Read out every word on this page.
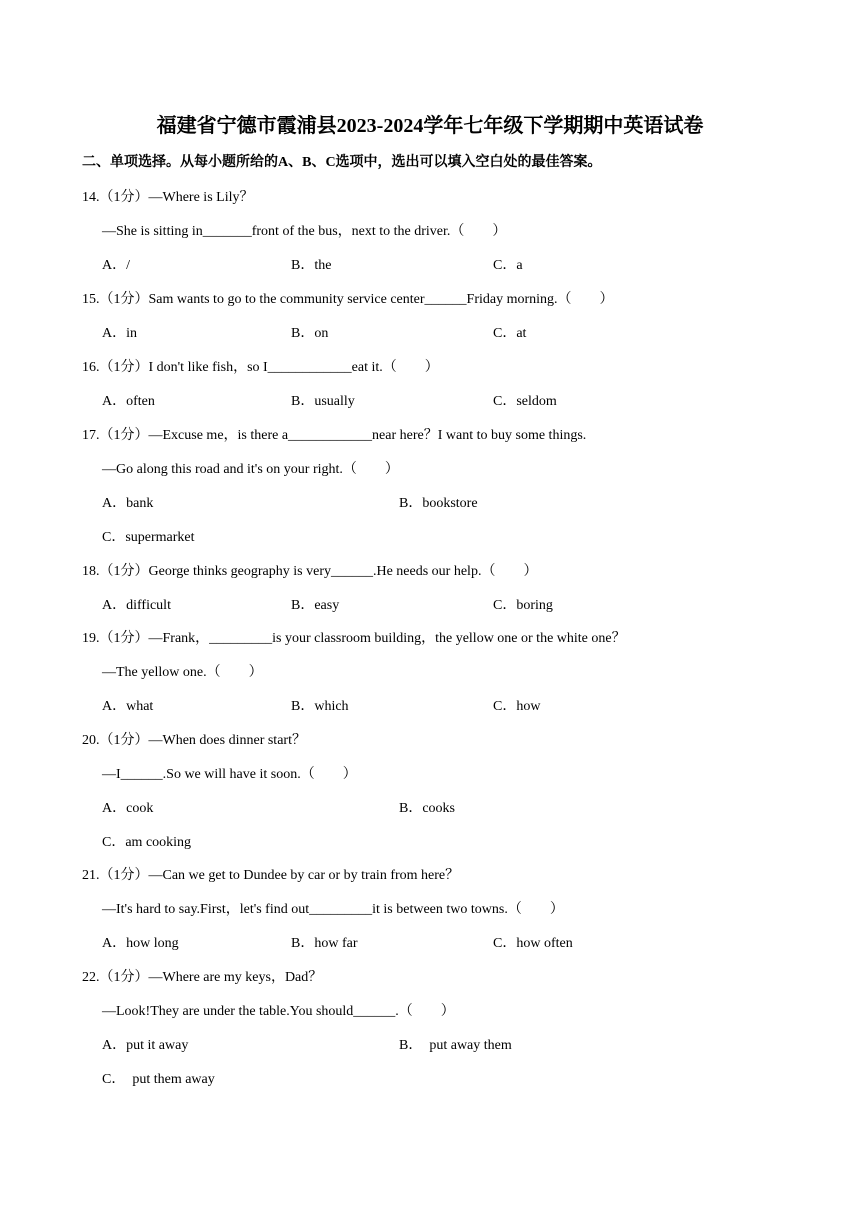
福建省宁德市霞浦县2023-2024学年七年级下学期期中英语试卷
二、单项选择。从每小题所给的A、B、C选项中，选出可以填入空白处的最佳答案。
14.（1分）—Where is Lily？
—She is sitting in_______front of the bus，next to the driver.（　　）
A．/	B．the	C．a
15.（1分）Sam wants to go to the community service center______Friday morning.（　　）
A．in	B．on	C．at
16.（1分）I don't like fish，so I____________eat it.（　　）
A．often	B．usually	C．seldom
17.（1分）—Excuse me，is there a____________near here？I want to buy some things.
—Go along this road and it's on your right.（　　）
A．bank	B．bookstore
C．supermarket
18.（1分）George thinks geography is very______.He needs our help.（　　）
A．difficult	B．easy	C．boring
19.（1分）—Frank，_________is your classroom building，the yellow one or the white one？
—The yellow one.（　　）
A．what	B．which	C．how
20.（1分）—When does dinner start？
—I______.So we will have it soon.（　　）
A．cook	B．cooks
C．am cooking
21.（1分）—Can we get to Dundee by car or by train from here？
—It's hard to say.First，let's find out_________it is between two towns.（　　）
A．how long	B．how far	C．how often
22.（1分）—Where are my keys，Dad？
—Look!They are under the table.You should______.（　　）
A．put it away	B．　put away them
C．　put them away
